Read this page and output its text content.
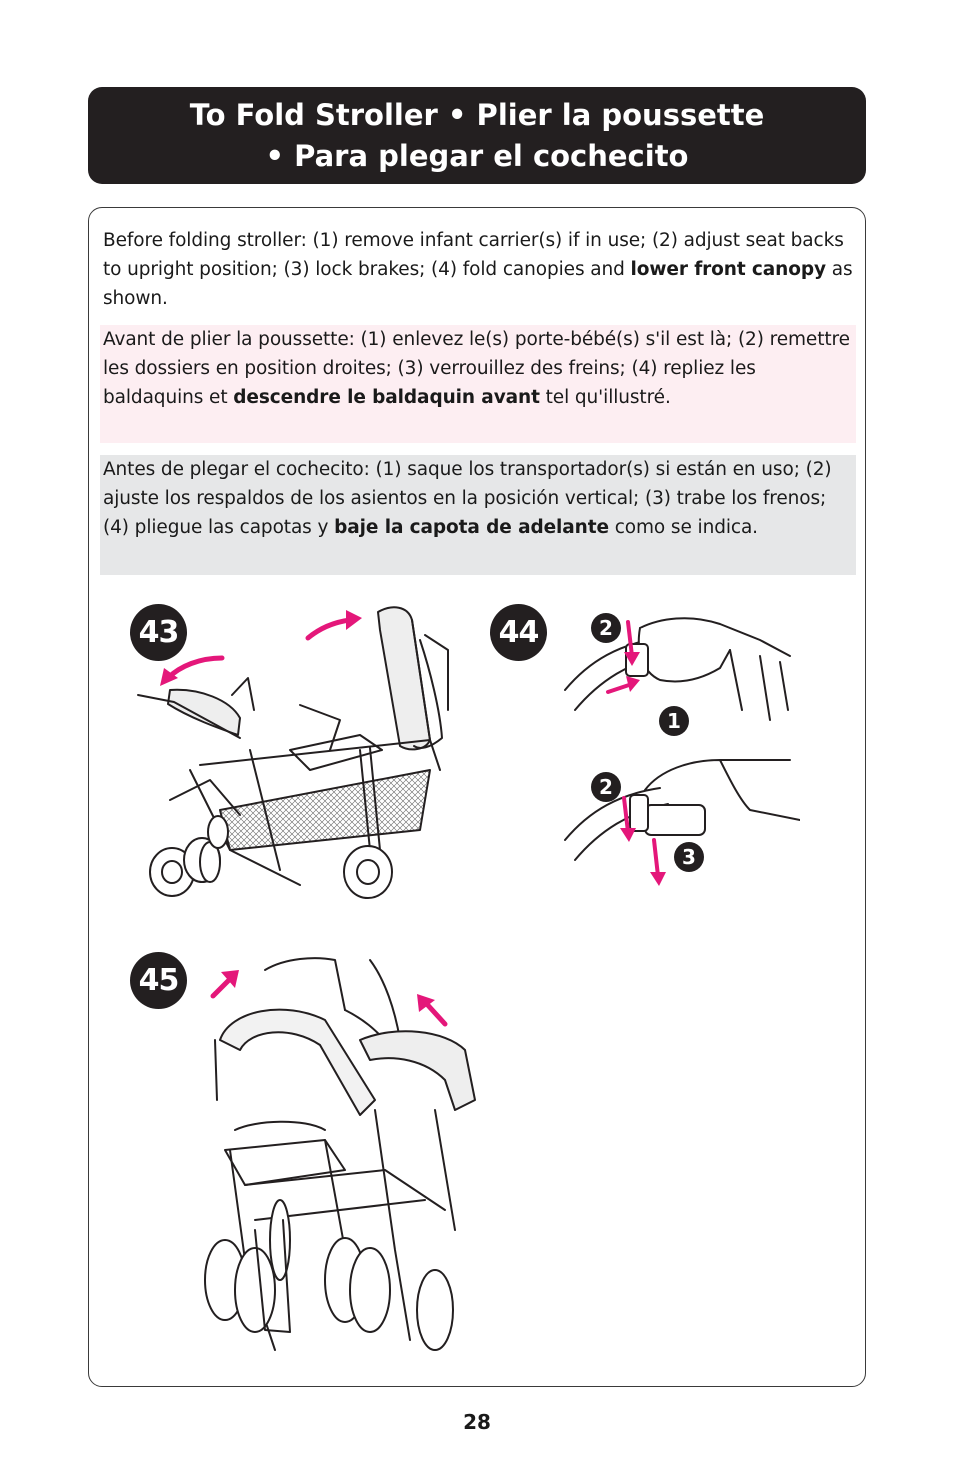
To Fold Stroller • Plier la poussette
• Para plegar el cochecito
Before folding stroller: (1) remove infant carrier(s) if in use; (2) adjust seat backs to upright position; (3) lock brakes; (4) fold canopies and lower front canopy as shown.
Avant de plier la poussette: (1) enlevez le(s) porte-bébé(s) s'il est là; (2) remettre les dossiers en position droites; (3) verrouillez des freins; (4) repliez les baldaquins et descendre le baldaquin avant tel qu'illustré.
Antes de plegar el cochecito: (1) saque los transportador(s) si están en uso; (2) ajuste los respaldos de los asientos en la posición vertical; (3) trabe los frenos; (4) pliegue las capotas y baje la capota de adelante como se indica.
43	44	2
1
2
3
45
28
